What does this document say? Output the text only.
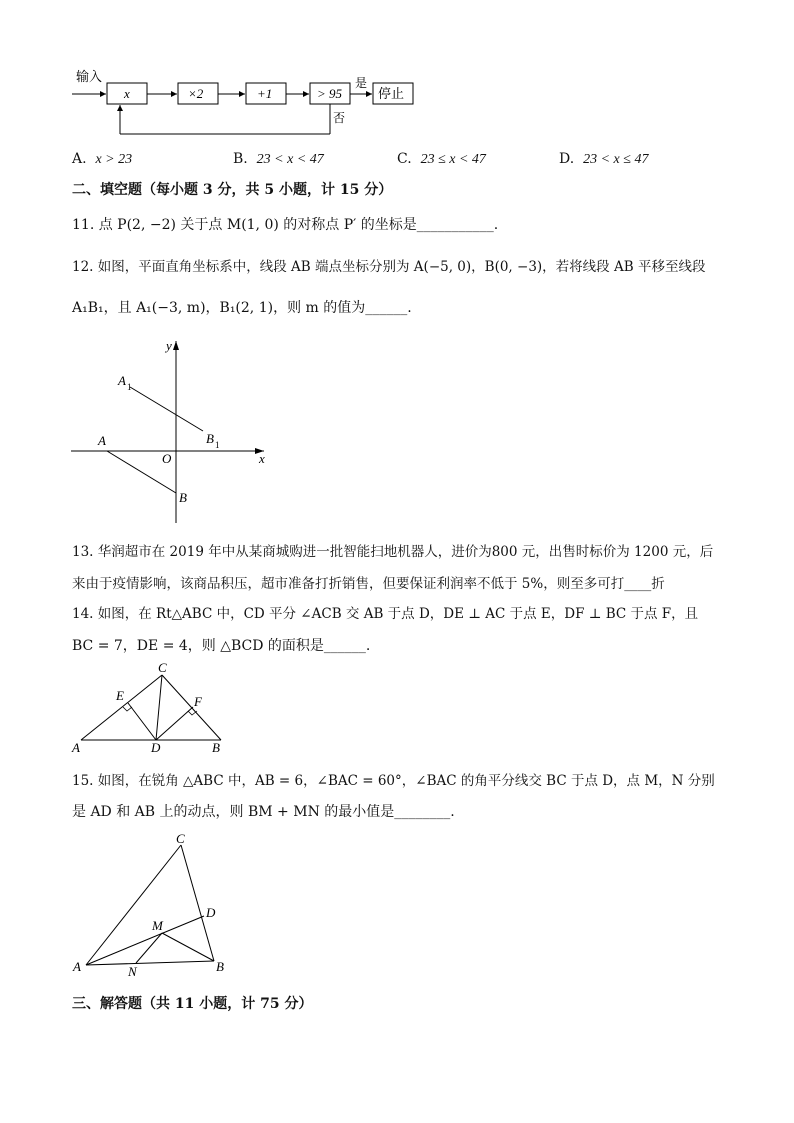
输入
x	×2	+1	> 95
是
停止
否
A. x > 23	B. 23 < x < 47	C. 23 ≤ x < 47	D. 23 < x ≤ 47
二、填空题（每小题 3 分，共 5 小题，计 15 分）
11. 点 P(2, −2) 关于点 M(1, 0) 的对称点 P′ 的坐标是___________.
12. 如图，平面直角坐标系中，线段 AB 端点坐标分别为 A(−5, 0)，B(0, −3)，若将线段 AB 平移至线段
A₁B₁，且 A₁(−3, m)，B₁(2, 1)，则 m 的值为______.
y
x
O
A
B
A 1
B 1
13. 华润超市在 2019 年中从某商城购进一批智能扫地机器人，进价为800 元，出售时标价为 1200 元，后
来由于疫情影响，该商品积压，超市准备打折销售，但要保证利润率不低于 5%，则至多可打____折
14. 如图，在 Rt△ABC 中，CD 平分 ∠ACB 交 AB 于点 D，DE ⊥ AC 于点 E，DF ⊥ BC 于点 F，且
BC = 7，DE = 4，则 △BCD 的面积是______.
C
E	F
A	D	B
15. 如图，在锐角 △ABC 中，AB = 6，∠BAC = 60°，∠BAC 的角平分线交 BC 于点 D，点 M，N 分别
是 AD 和 AB 上的动点，则 BM + MN 的最小值是________.
C
D
M
A	N	B
三、解答题（共 11 小题，计 75 分）
